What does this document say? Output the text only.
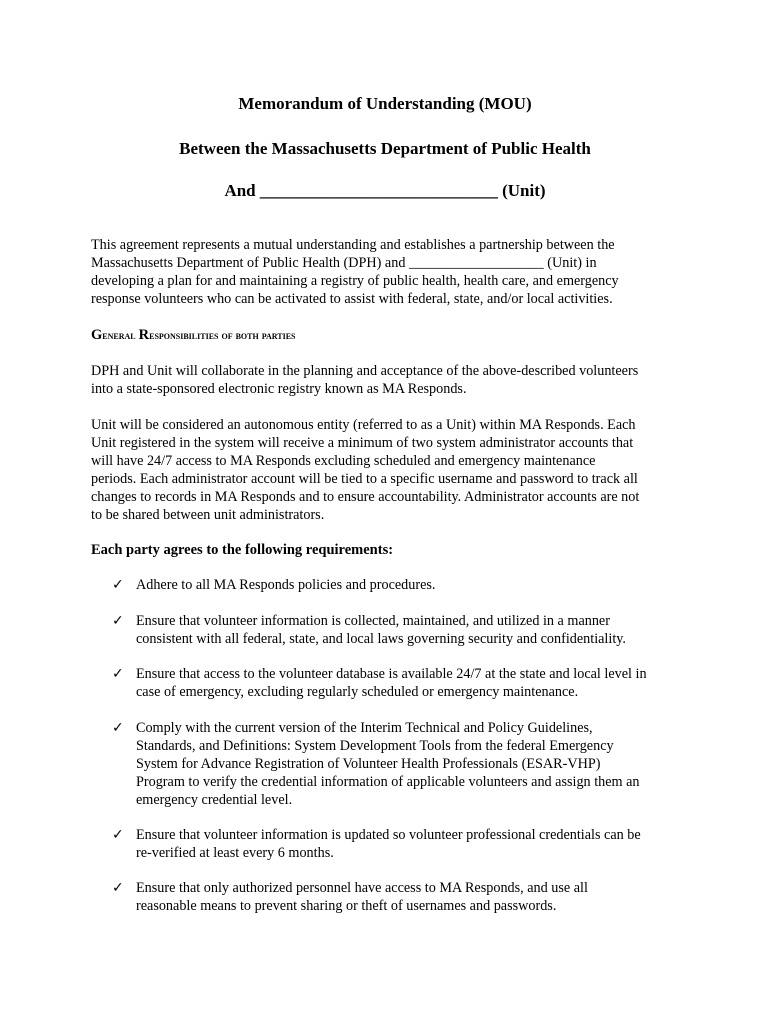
Memorandum of Understanding (MOU)
Between the Massachusetts Department of Public Health
And ____________________________ (Unit)

This agreement represents a mutual understanding and establishes a partnership between the
Massachusetts Department of Public Health (DPH) and ___________________ (Unit) in
developing a plan for and maintaining a registry of public health, health care, and emergency
response volunteers who can be activated to assist with federal, state, and/or local activities.

General Responsibilities of both parties

DPH and Unit will collaborate in the planning and acceptance of the above-described volunteers
into a state-sponsored electronic registry known as MA Responds.

Unit will be considered an autonomous entity (referred to as a Unit) within MA Responds. Each
Unit registered in the system will receive a minimum of two system administrator accounts that
will have 24/7 access to MA Responds excluding scheduled and emergency maintenance
periods. Each administrator account will be tied to a specific username and password to track all
changes to records in MA Responds and to ensure accountability. Administrator accounts are not
to be shared between unit administrators.

Each party agrees to the following requirements:
✓ Adhere to all MA Responds policies and procedures.

✓ Ensure that volunteer information is collected, maintained, and utilized in a manner
consistent with all federal, state, and local laws governing security and confidentiality.

✓ Ensure that access to the volunteer database is available 24/7 at the state and local level in
case of emergency, excluding regularly scheduled or emergency maintenance.

✓ Comply with the current version of the Interim Technical and Policy Guidelines,
Standards, and Definitions: System Development Tools from the federal Emergency
System for Advance Registration of Volunteer Health Professionals (ESAR-VHP)
Program to verify the credential information of applicable volunteers and assign them an
emergency credential level.

✓ Ensure that volunteer information is updated so volunteer professional credentials can be
re-verified at least every 6 months.

✓ Ensure that only authorized personnel have access to MA Responds, and use all
reasonable means to prevent sharing or theft of usernames and passwords.
